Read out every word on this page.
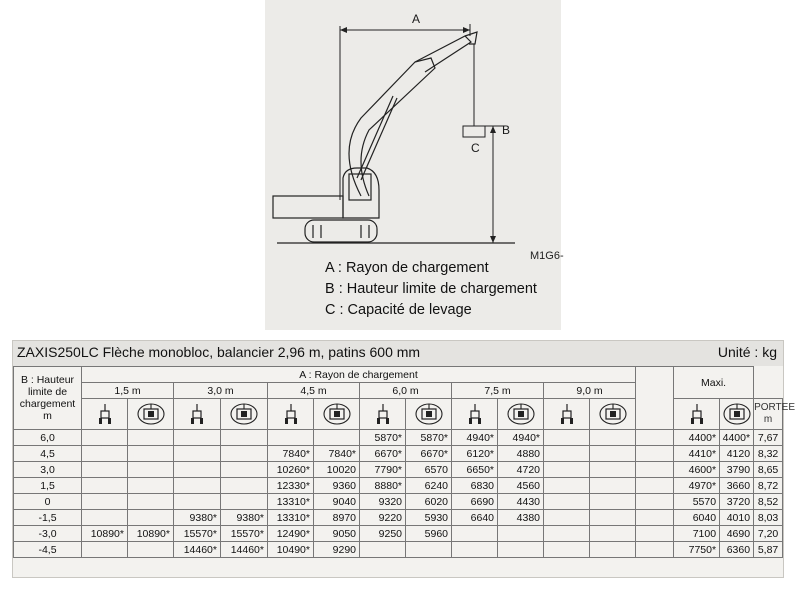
A
B
C
M1G6-
A : Rayon de chargement
B : Hauteur limite de chargement
C : Capacité de levage
ZAXIS250LC Flèche monobloc, balancier 2,96 m, patins 600 mm	Unité : kg
B : Hauteur limite de chargement m	A : Rayon de chargement													Maxi.		
	1,5 m		3,0 m		4,5 m		6,0 m		7,5 m		9,0 m					
															PORTEE m
6,0							5870*	5870*	4940*	4940*				4400*	4400*	7,67
4,5					7840*	7840*	6670*	6670*	6120*	4880				4410*	4120	8,32
3,0					10260*	10020	7790*	6570	6650*	4720				4600*	3790	8,65
1,5					12330*	9360	8880*	6240	6830	4560				4970*	3660	8,72
0					13310*	9040	9320	6020	6690	4430				5570	3720	8,52
-1,5			9380*	9380*	13310*	8970	9220	5930	6640	4380				6040	4010	8,03
-3,0	10890*	10890*	15570*	15570*	12490*	9050	9250	5960						7100	4690	7,20
-4,5			14460*	14460*	10490*	9290								7750*	6360	5,87
